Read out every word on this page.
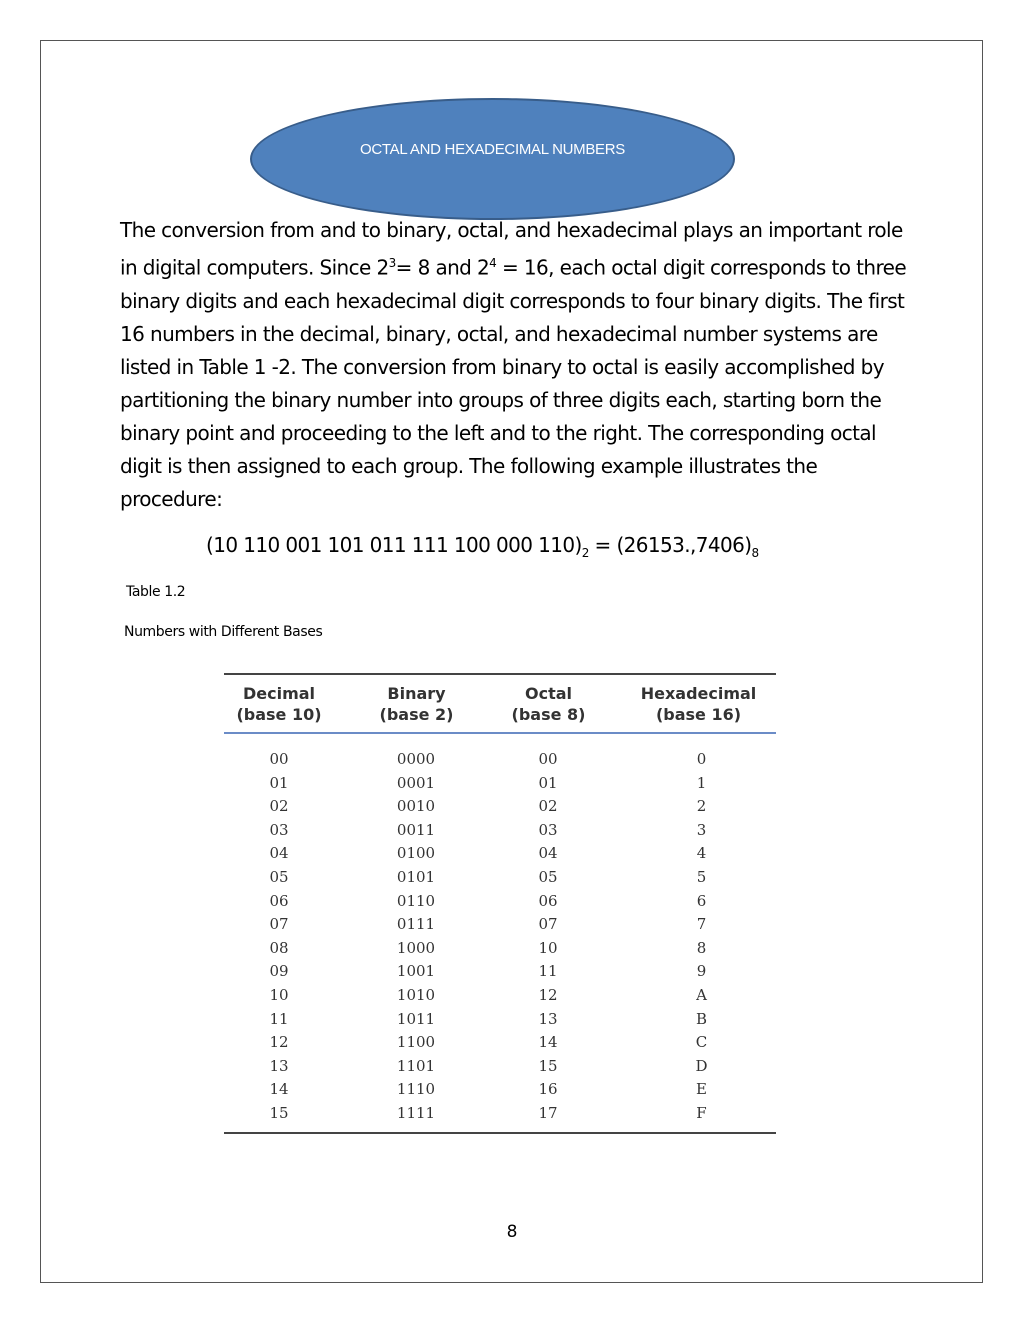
OCTAL AND HEXADECIMAL NUMBERS

The conversion from and to binary, octal, and hexadecimal plays an important role in digital computers. Since $2^3= 8$ and $2^4 = 16$, each octal digit corresponds to three binary digits and each hexadecimal digit corresponds to four binary digits. The first 16 numbers in the decimal, binary, octal, and hexadecimal number systems are listed in Table 1 -2. The conversion from binary to octal is easily accomplished by partitioning the binary number into groups of three digits each, starting born the binary point and proceeding to the left and to the right. The corresponding octal digit is then assigned to each group. The following example illustrates the procedure:

(10 110 001 101 011 111 100 000 $110)_2 = (26153.,7406)_8$
Table 1.2
Numbers with Different Bases
Decimal
(base 10)
Binary
(base 2)
Octal
(base 8)
Hexadecimal
(base 16)
00
01
02
03
04
05
06
07
08
09
10
11
12
13
14
15
0000
0001
0010
0011
0100
0101
0110
0111
1000
1001
1010
1011
1100
1101
1110
1111
00
01
02
03
04
05
06
07
10
11
12
13
14
15
16
17
0
1
2
3
4
5
6
7
8
9
A
B
C
D
E
F
8
